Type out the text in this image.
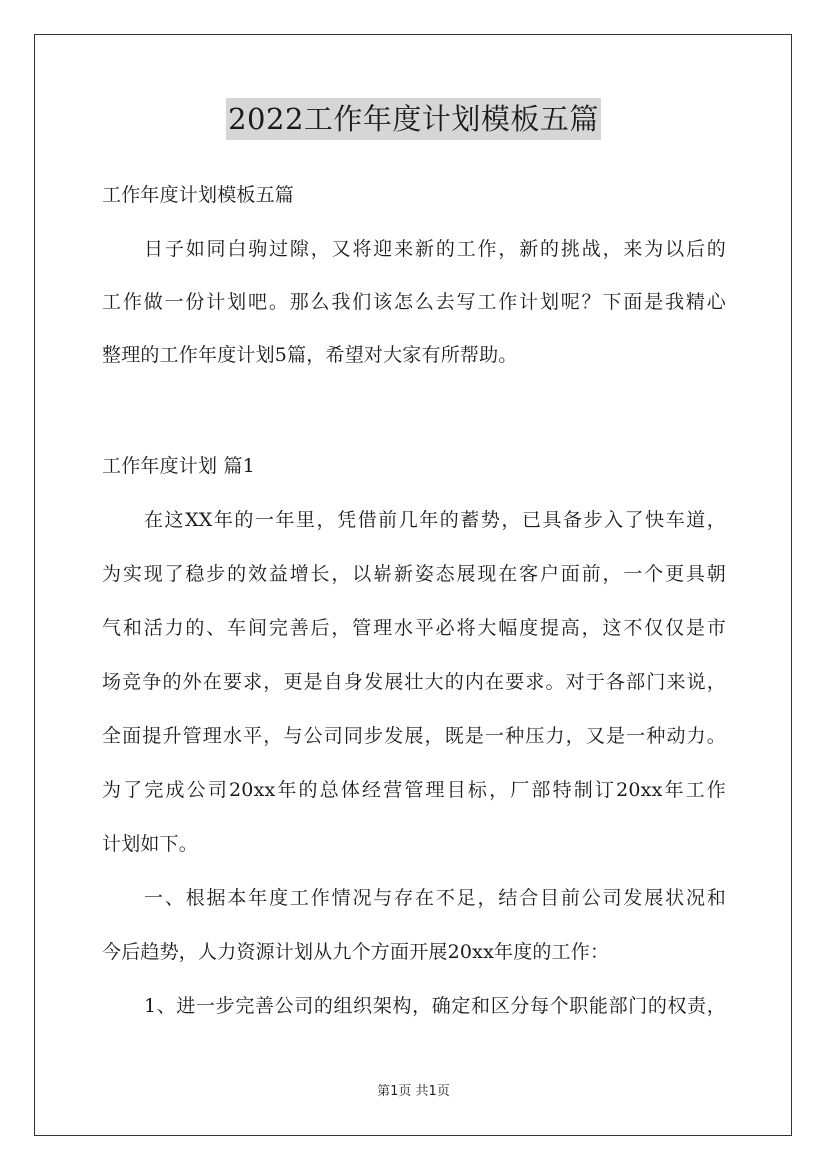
2022工作年度计划模板五篇
工作年度计划模板五篇
日子如同白驹过隙，又将迎来新的工作，新的挑战，来为以后的
工作做一份计划吧。那么我们该怎么去写工作计划呢？下面是我精心
整理的工作年度计划5篇，希望对大家有所帮助。
工作年度计划 篇1
在这XX年的一年里，凭借前几年的蓄势，已具备步入了快车道，
为实现了稳步的效益增长，以崭新姿态展现在客户面前，一个更具朝
气和活力的、车间完善后，管理水平必将大幅度提高，这不仅仅是市
场竞争的外在要求，更是自身发展壮大的内在要求。对于各部门来说，
全面提升管理水平，与公司同步发展，既是一种压力，又是一种动力。
为了完成公司20xx年的总体经营管理目标，厂部特制订20xx年工作
计划如下。
一、根据本年度工作情况与存在不足，结合目前公司发展状况和
今后趋势，人力资源计划从九个方面开展20xx年度的工作：
1、进一步完善公司的组织架构，确定和区分每个职能部门的权责，
第1页 共1页
